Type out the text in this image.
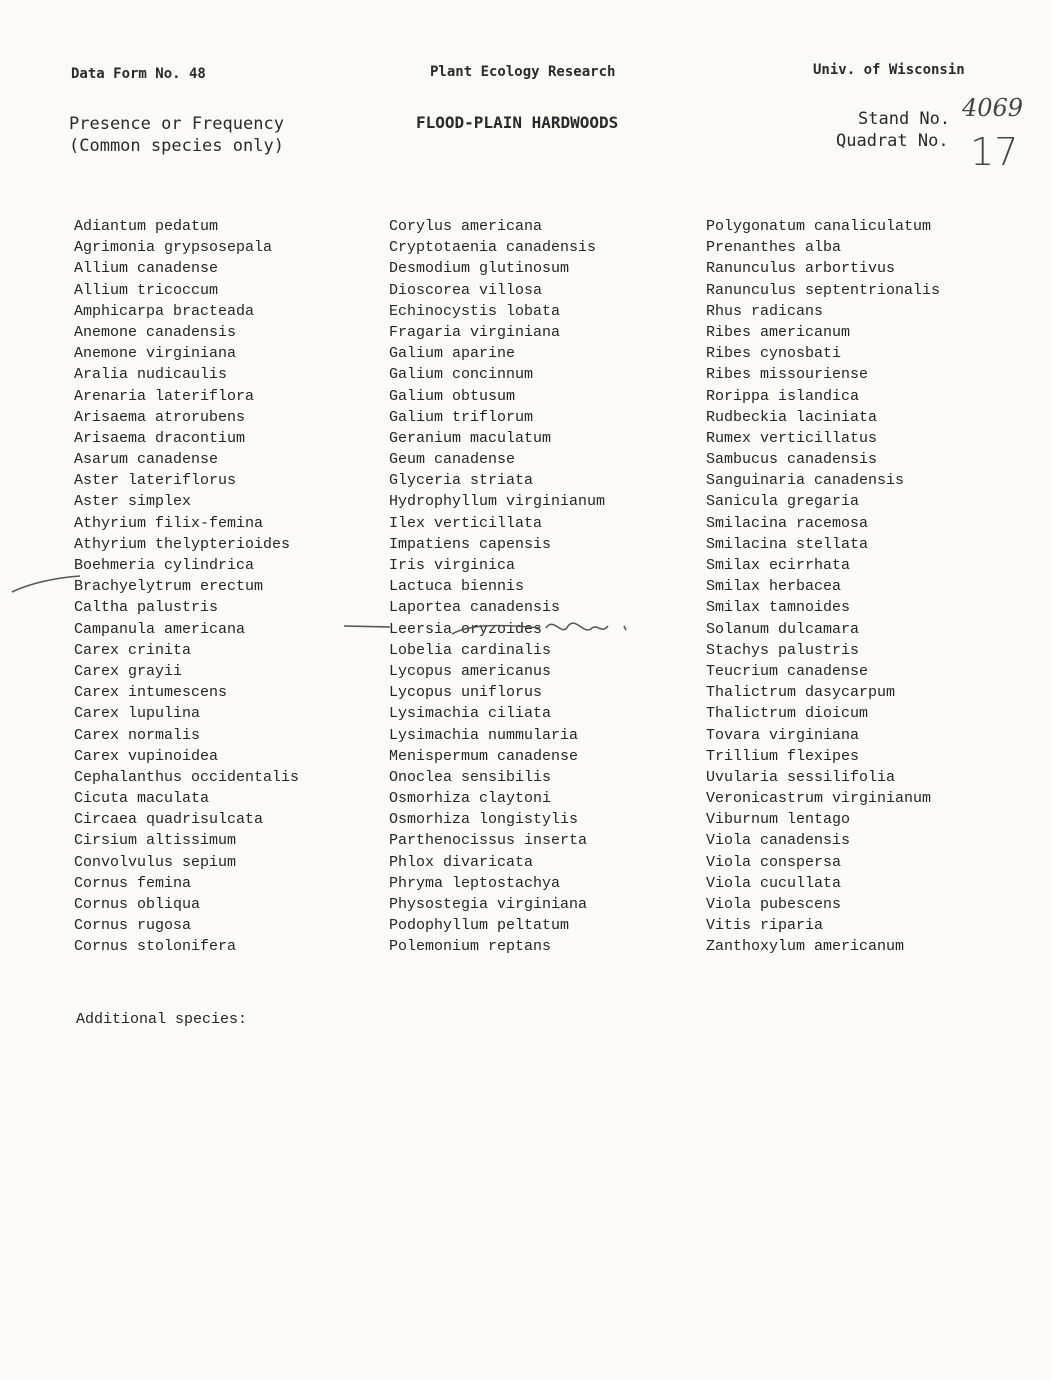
Data Form No. 48	Plant Ecology Research	Univ. of Wisconsin
Presence or Frequency
(Common species only)
FLOOD-PLAIN HARDWOODS	Stand No.
Quadrat No.
4069
17
Adiantum pedatum
Agrimonia grypsosepala
Allium canadense
Allium tricoccum
Amphicarpa bracteada
Anemone canadensis
Anemone virginiana
Aralia nudicaulis
Arenaria lateriflora
Arisaema atrorubens
Arisaema dracontium
Asarum canadense
Aster lateriflorus
Aster simplex
Athyrium filix-femina
Athyrium thelypterioides
Boehmeria cylindrica
Brachyelytrum erectum
Caltha palustris
Campanula americana
Carex crinita
Carex grayii
Carex intumescens
Carex lupulina
Carex normalis
Carex vupinoidea
Cephalanthus occidentalis
Cicuta maculata
Circaea quadrisulcata
Cirsium altissimum
Convolvulus sepium
Cornus femina
Cornus obliqua
Cornus rugosa
Cornus stolonifera
Corylus americana
Cryptotaenia canadensis
Desmodium glutinosum
Dioscorea villosa
Echinocystis lobata
Fragaria virginiana
Galium aparine
Galium concinnum
Galium obtusum
Galium triflorum
Geranium maculatum
Geum canadense
Glyceria striata
Hydrophyllum virginianum
Ilex verticillata
Impatiens capensis
Iris virginica
Lactuca biennis
Laportea canadensis
Leersia oryzoides
Lobelia cardinalis
Lycopus americanus
Lycopus uniflorus
Lysimachia ciliata
Lysimachia nummularia
Menispermum canadense
Onoclea sensibilis
Osmorhiza claytoni
Osmorhiza longistylis
Parthenocissus inserta
Phlox divaricata
Phryma leptostachya
Physostegia virginiana
Podophyllum peltatum
Polemonium reptans
Polygonatum canaliculatum
Prenanthes alba
Ranunculus arbortivus
Ranunculus septentrionalis
Rhus radicans
Ribes americanum
Ribes cynosbati
Ribes missouriense
Rorippa islandica
Rudbeckia laciniata
Rumex verticillatus
Sambucus canadensis
Sanguinaria canadensis
Sanicula gregaria
Smilacina racemosa
Smilacina stellata
Smilax ecirrhata
Smilax herbacea
Smilax tamnoides
Solanum dulcamara
Stachys palustris
Teucrium canadense
Thalictrum dasycarpum
Thalictrum dioicum
Tovara virginiana
Trillium flexipes
Uvularia sessilifolia
Veronicastrum virginianum
Viburnum lentago
Viola canadensis
Viola conspersa
Viola cucullata
Viola pubescens
Vitis riparia
Zanthoxylum americanum
Additional species:
